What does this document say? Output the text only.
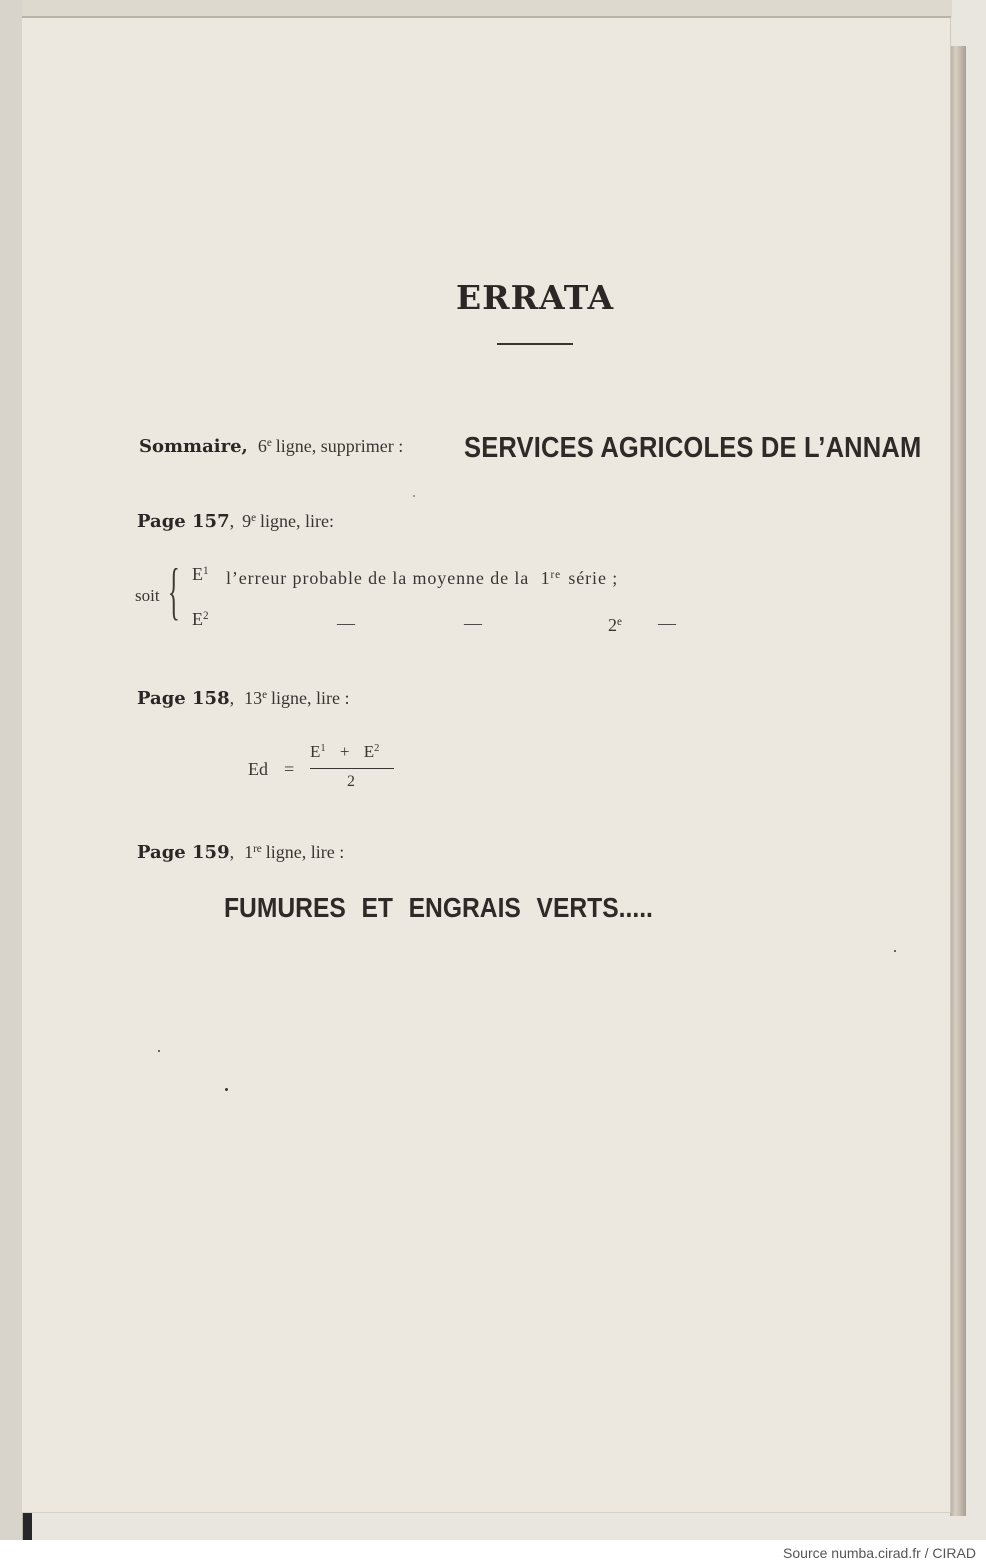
ERRATA
Sommaire, 6e ligne, supprimer : SERVICES AGRICOLES DE L’ANNAM
Page 157, 9e ligne, lire:
soit { $E^1$ l’erreur probable de la moyenne de la 1re série ;
$E^2$	—	—	2e —
Page 158, 13e ligne, lire :
Ed =
$E^1 + E^2$
2
Page 159, 1re ligne, lire :
FUMURES ET ENGRAIS VERTS.....
Source numba.cirad.fr / CIRAD
